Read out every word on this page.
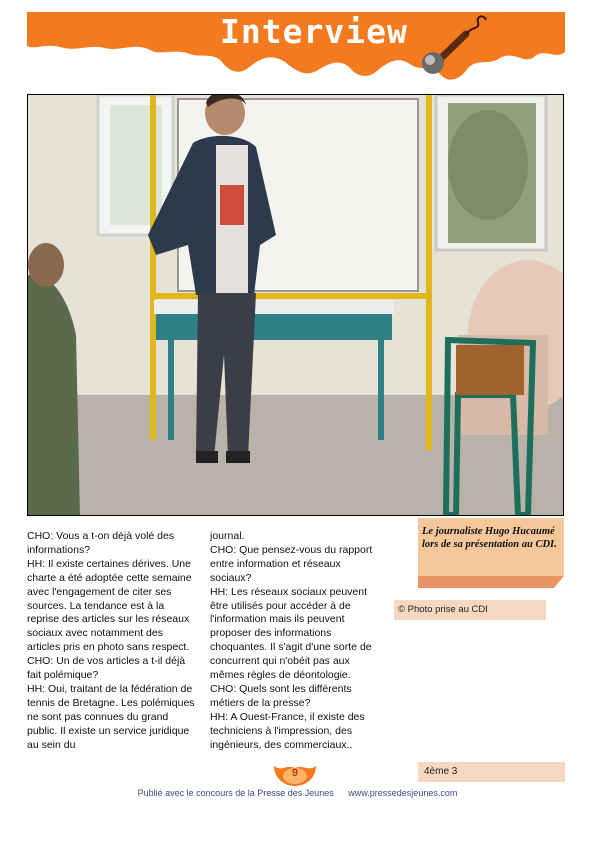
Interview

CHO: Vous a t-on déjà volé des informations?

HH: Il existe certaines dérives. Une charte a été adoptée cette semaine avec l'engagement de citer ses sources. La tendance est à la reprise des articles sur les réseaux sociaux avec notamment des articles pris en photo sans respect.

CHO: Un de vos articles a t-il déjà fait polémique?

HH: Oui, traitant de la fédération de tennis de Bretagne. Les polémiques ne sont pas connues du grand public. Il existe un service juridique au sein du

journal.

CHO: Que pensez-vous du rapport entre information et réseaux sociaux?

HH: Les réseaux sociaux peuvent être utilisés pour accéder à de l'information mais ils peuvent proposer des informations choquantes. Il s'agit d'une sorte de concurrent qui n'obéit pas aux mêmes règles de déontologie.

CHO: Quels sont les différents métiers de la presse?

HH: A Ouest-France, il existe des techniciens à l'impression, des ingénieurs, des commerciaux..

Le journaliste Hugo Hucaumé lors de sa présentation au CDI.

© Photo prise au CDI

9	4ème 3

Publié avec le concours de la Presse des Jeunes www.pressedesjeunes.com
